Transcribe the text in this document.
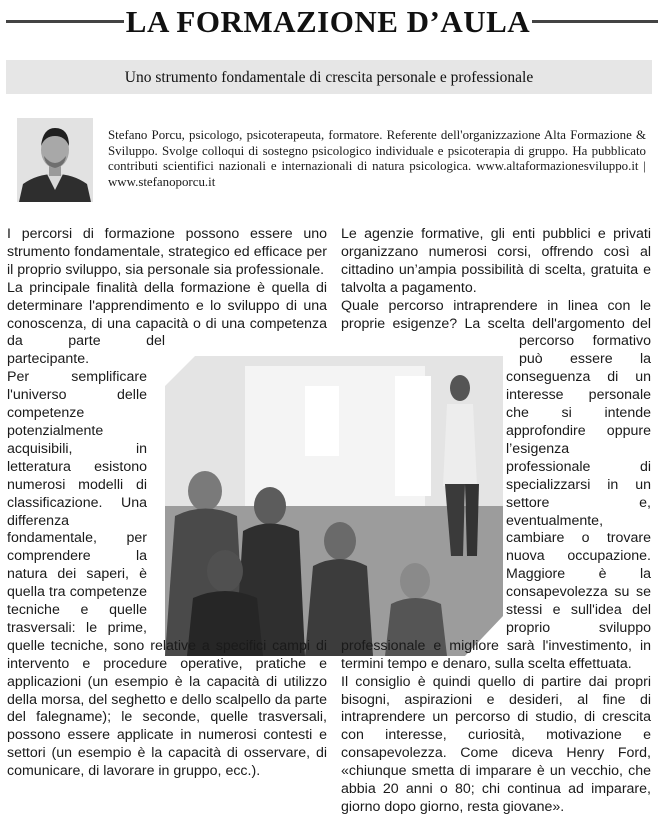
LA FORMAZIONE D’AULA
Uno strumento fondamentale di crescita personale e professionale
Stefano Porcu, psicologo, psicoterapeuta, formatore. Referente dell'organizzazione Alta Formazione & Sviluppo. Svolge colloqui di sostegno psicologico individuale e psicoterapia di gruppo. Ha pubblicato contributi scientifici nazionali e internazionali di natura psicologica. www.altaformazionesviluppo.it | www.stefanoporcu.it

I percorsi di formazione possono essere uno strumento fondamentale, strategico ed efficace per il proprio sviluppo, sia personale sia professionale.

La principale finalità della formazione è quella di determinare l'apprendimento e lo sviluppo di una conoscenza, di una capacità o di una competenza da parte del partecipante.

Per semplificare l'universo delle competenze potenzialmente acquisibili, in letteratura esistono numerosi modelli di classificazione. Una differenza fondamentale, per comprendere la natura dei saperi, è quella tra competenze tecniche e quelle trasversali: le prime, quelle tecniche, sono relative a specifici campi di intervento e procedure operative, pratiche e applicazioni (un esempio è la capacità di utilizzo della morsa, del seghetto e dello scalpello da parte del falegname); le seconde, quelle trasversali, possono essere applicate in numerosi contesti e settori (un esempio è la capacità di osservare, di comunicare, di lavorare in gruppo, ecc.).

Le agenzie formative, gli enti pubblici e privati organizzano numerosi corsi, offrendo così al cittadino un’ampia possibilità di scelta, gratuita e talvolta a pagamento.

Quale percorso intraprendere in linea con le proprie esigenze? La scelta dell'argomento del percorso formativo può essere la conseguenza di un interesse personale che si intende approfondire oppure l’esigenza professionale di specializzarsi in un settore e, eventualmente, cambiare o trovare nuova occupazione. Maggiore è la consapevolezza su se stessi e sull'idea del proprio sviluppo professionale e migliore sarà l'investimento, in termini tempo e denaro, sulla scelta effettuata.

Il consiglio è quindi quello di partire dai propri bisogni, aspirazioni e desideri, al fine di intraprendere un percorso di studio, di crescita con interesse, curiosità, motivazione e consapevolezza. Come diceva Henry Ford, «chiunque smetta di imparare è un vecchio, che abbia 20 anni o 80; chi continua ad imparare, giorno dopo giorno, resta giovane».
